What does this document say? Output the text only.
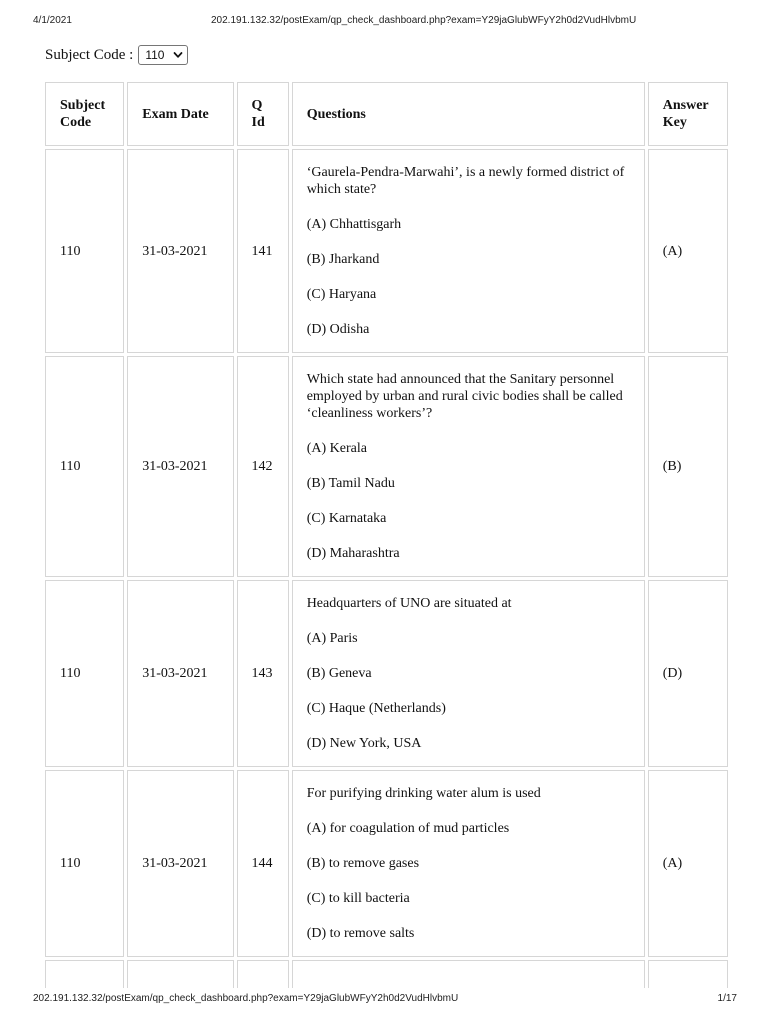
4/1/2021	202.191.132.32/postExam/qp_check_dashboard.php?exam=Y29jaGlubWFyY2h0d2VudHlvbmU
Subject Code : 110
Subject Code	Exam Date	Q Id	Questions	Answer Key
110	31-03-2021	141	‘Gaurela-Pendra-Marwahi’, is a newly formed district of which state?

(A) Chhattisgarh

(B) Jharkand

(C) Haryana

(D) Odisha	(A)
110	31-03-2021	142	Which state had announced that the Sanitary personnel employed by urban and rural civic bodies shall be called ‘cleanliness workers’?

(A) Kerala

(B) Tamil Nadu

(C) Karnataka

(D) Maharashtra	(B)
110	31-03-2021	143	Headquarters of UNO are situated at

(A) Paris

(B) Geneva

(C) Haque (Netherlands)

(D) New York, USA	(D)
110	31-03-2021	144	For purifying drinking water alum is used

(A) for coagulation of mud particles

(B) to remove gases

(C) to kill bacteria

(D) to remove salts	(A)

202.191.132.32/postExam/qp_check_dashboard.php?exam=Y29jaGlubWFyY2h0d2VudHlvbmU	1/17
